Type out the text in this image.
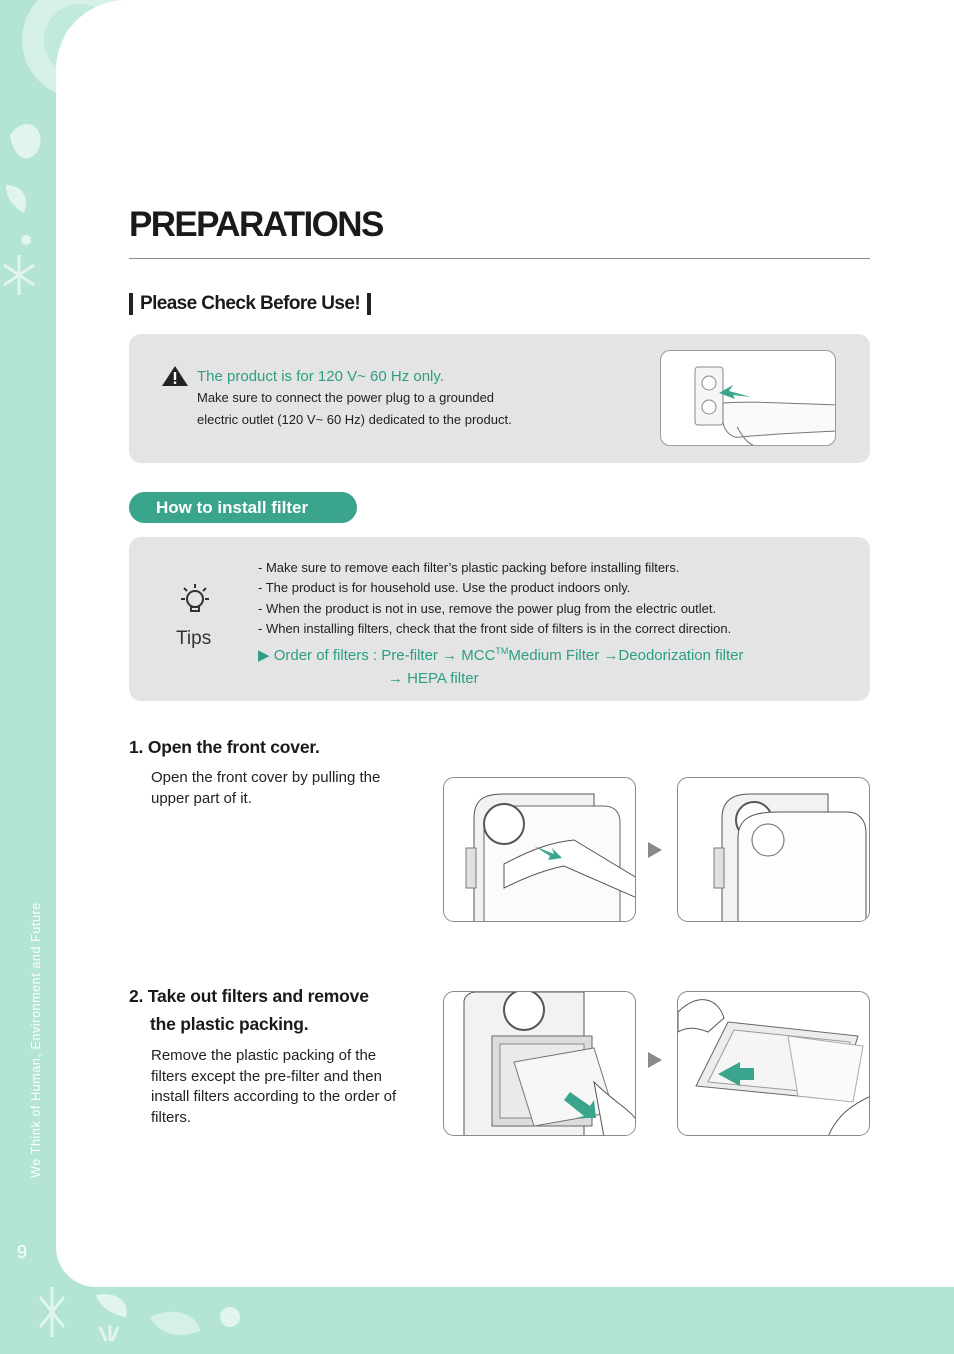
We Think of Human, Environment and Future
9
PREPARATIONS
Please Check Before Use!
The product is for 120 V~ 60 Hz only.
Make sure to connect the power plug to a grounded
electric outlet (120 V~ 60 Hz) dedicated to the product.
How to install filter
Tips
- Make sure to remove each filter’s plastic packing before installing filters.
- The product is for household use. Use the product indoors only.
- When the product is not in use, remove the power plug from the electric outlet.
- When installing filters, check that the front side of filters is in the correct direction.
▶ Order of filters : Pre-filter → MCC™Medium Filter →Deodorization filter
→ HEPA filter
1. Open the front cover.
Open the front cover by pulling the
upper part of it.
2. Take out filters and remove
the plastic packing.
Remove the plastic packing of the
filters except the pre-filter and then
install filters according to the order of
filters.
